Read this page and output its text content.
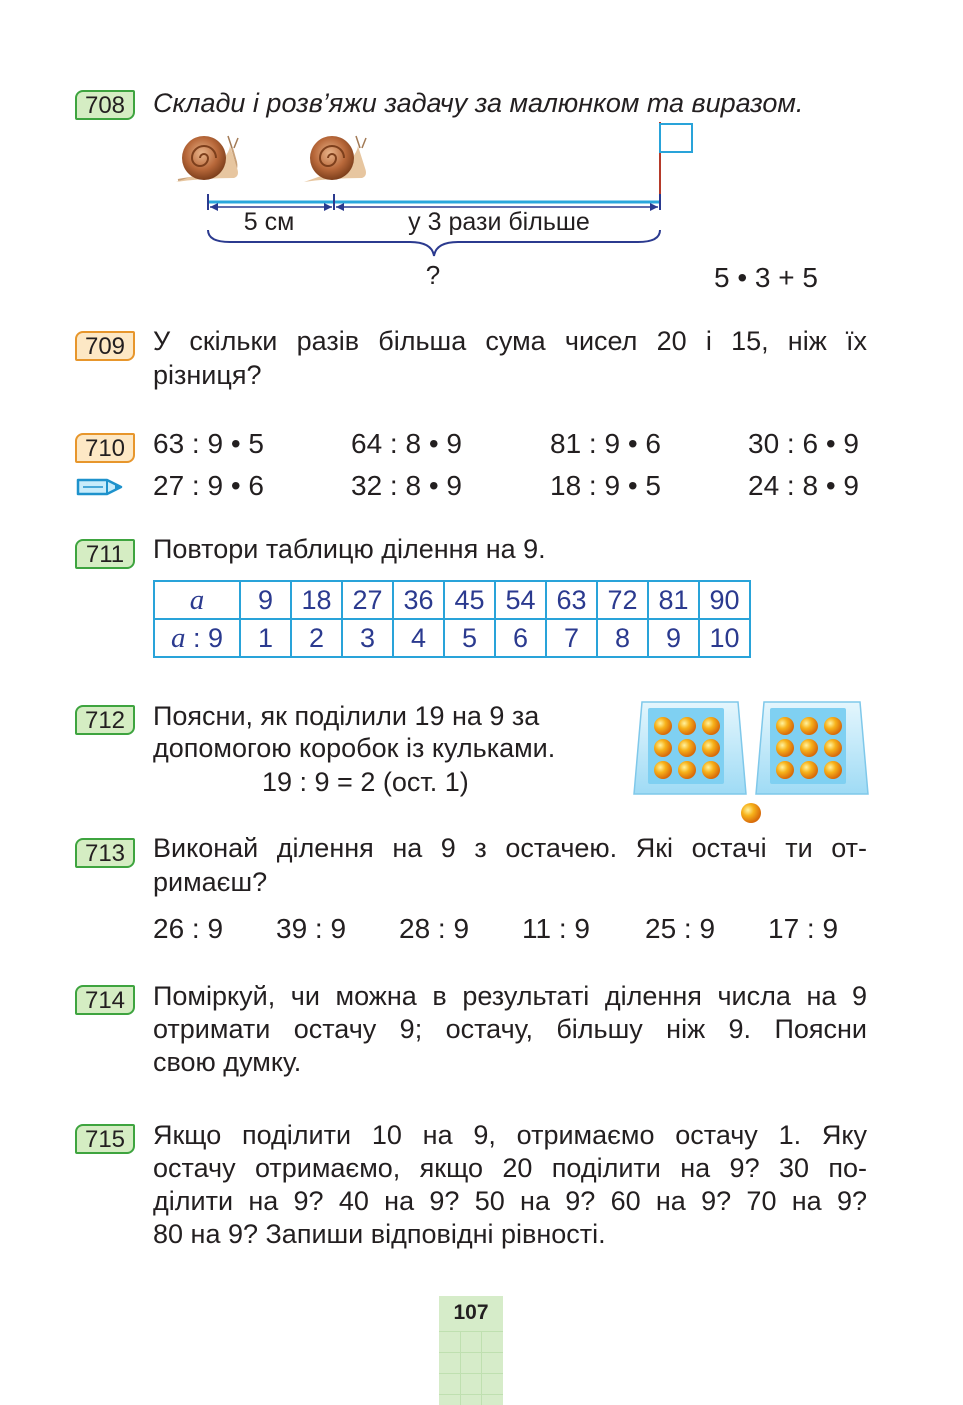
708	Склади і розв’яжи задачу за малюнком та виразом.
5 см	у 3 рази більше
?	5 • 3 + 5
709	У скільки разів більша сума чисел 20 і 15, ніж їх
різниця?
710 63 : 9 • 5	64 : 8 • 9	81 : 9 • 6	30 : 6 • 9
27 : 9 • 6	32 : 8 • 9	18 : 9 • 5	24 : 8 • 9
711	Повтори таблицю ділення на 9.
a	9	18	27	36	45	54	63	72	81	90
a : 9	1	2	3	4	5	6	7	8	9	10
712	Поясни, як поділили 19 на 9 за
допомогою коробок із кульками.
19 : 9 = 2 (ост. 1)
713	Виконай ділення на 9 з остачею. Які остачі ти от-
римаєш?
26 : 9 39 : 9 28 : 9 11 : 9 25 : 9 17 : 9
714	Поміркуй, чи можна в результаті ділення числа на 9
отримати остачу 9; остачу, більшу ніж 9. Поясни
свою думку.
715	Якщо поділити 10 на 9, отримаємо остачу 1. Яку
остачу отримаємо, якщо 20 поділити на 9? 30 по-
ділити на 9? 40 на 9? 50 на 9? 60 на 9? 70 на 9?
80 на 9? Запиши відповідні рівності.
107
